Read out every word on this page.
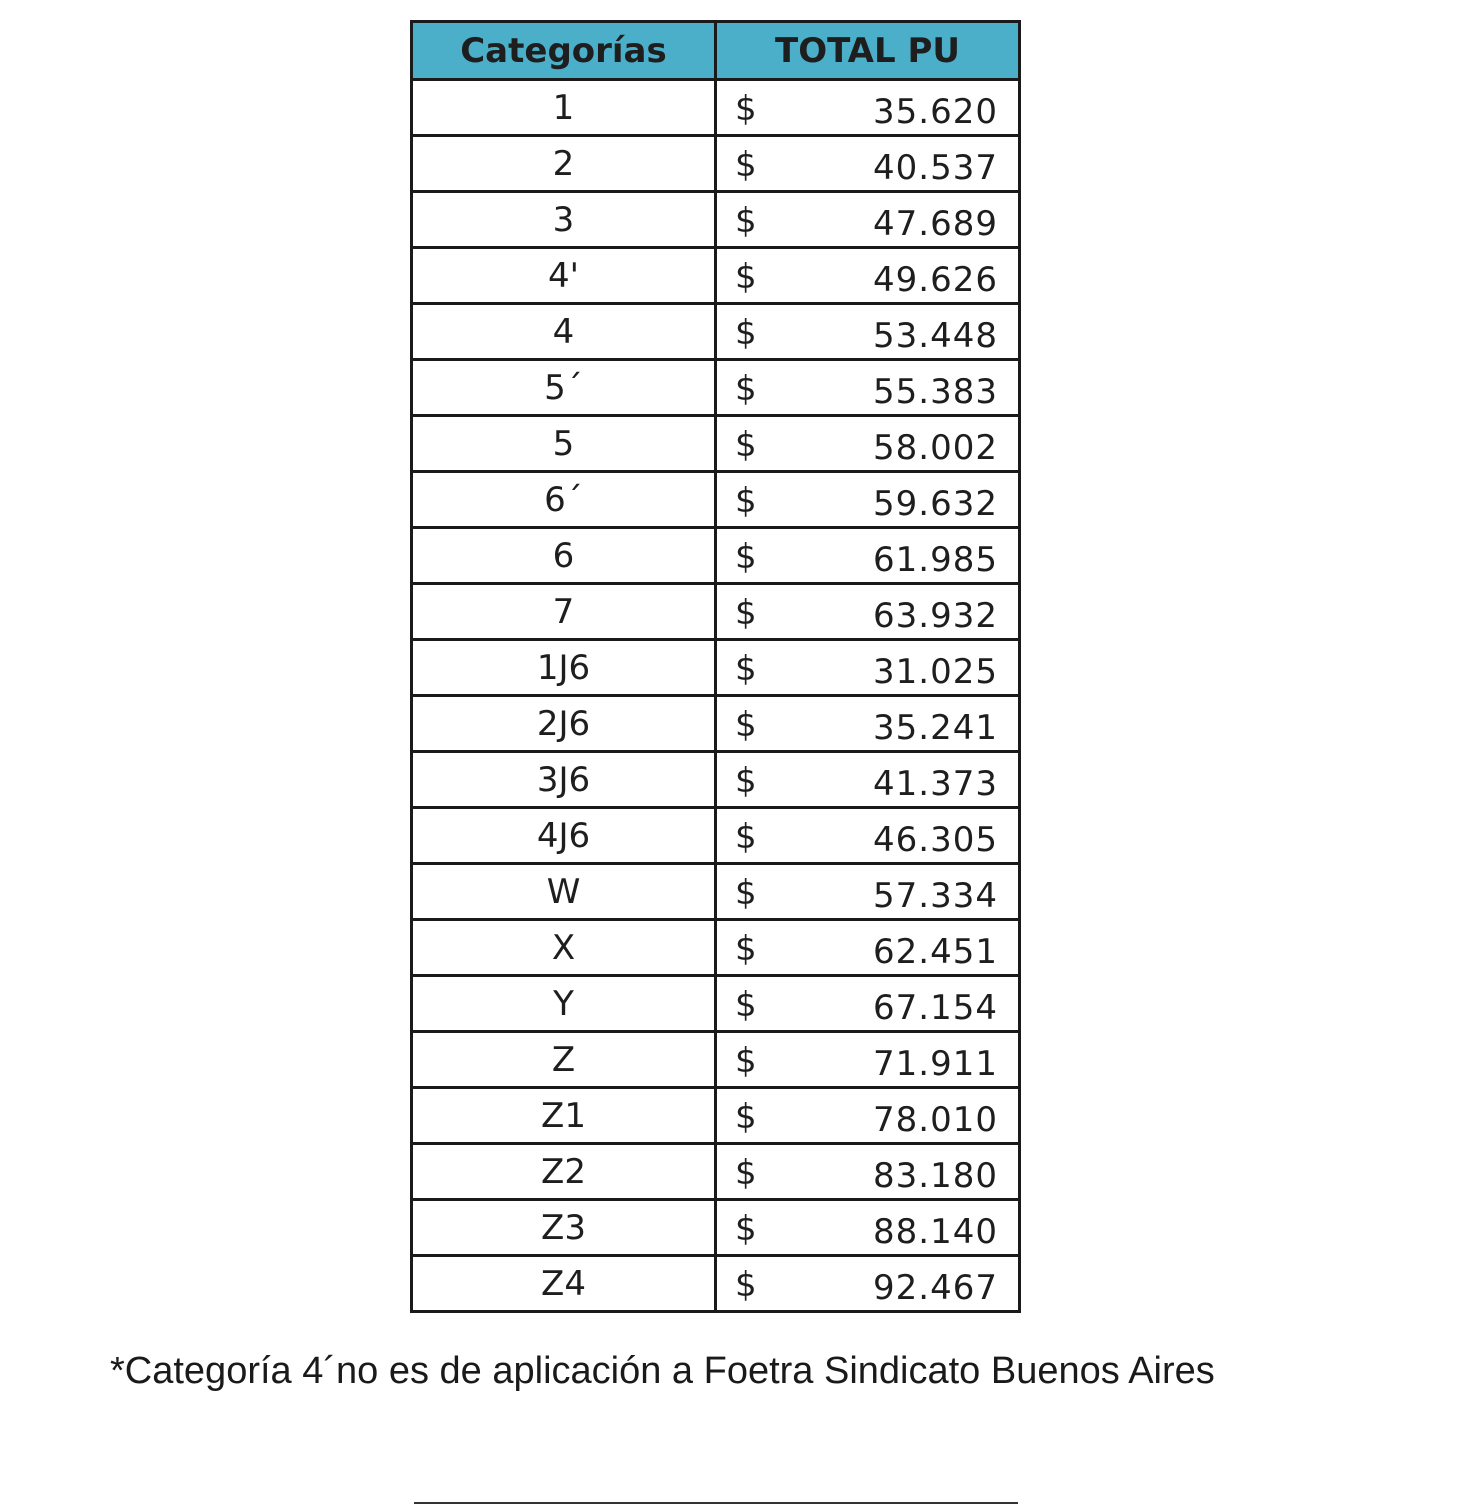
Categorías	TOTAL PU
1	$ 35.620

2	$ 40.537

3	$ 47.689

4'	$ 49.626

4	$ 53.448

5´	$ 55.383

5	$ 58.002

6´	$ 59.632

6	$ 61.985

7	$ 63.932

1J6	$ 31.025

2J6	$ 35.241

3J6	$ 41.373

4J6	$ 46.305

W	$ 57.334

X	$ 62.451

Y	$ 67.154

Z	$ 71.911

Z1	$ 78.010

Z2	$ 83.180

Z3	$ 88.140

Z4	$ 92.467
*Categoría 4´no es de aplicación a Foetra Sindicato Buenos Aires
